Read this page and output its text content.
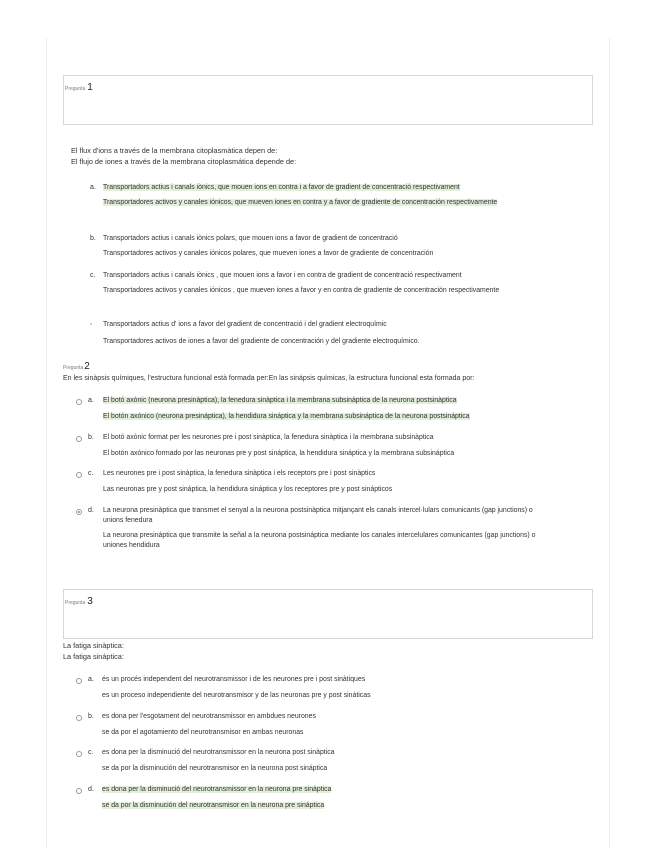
Pregunta 1
El flux d'ions a través de la membrana citoplasmàtica depen de:
El flujo de iones a través de la membrana citoplasmática depende de:
a. Transportadors actius i canals iònics, que mouen ions en contra i a favor de gradient de concentració respectivament
Transportadores activos y canales iónicos, que mueven iones en contra y a favor de gradiente de concentración respectivamente
b. Transportadors actius i canals iònics polars, que mouen ions a favor de gradient de concentració
Transportadores activos y canales iónicos polares, que mueven iones a favor de gradiente de concentración
c. Transportadors actius i canals iònics , que mouen ions a favor i en contra de gradient de concentració respectivament
Transportadores activos y canales iónicos , que mueven iones a favor y en contra de gradiente de concentración respectivamente
, Transportadors actius d' ions a favor del gradient de concentració i del gradient electroquímic
Transportadores activos de iones a favor del gradiente de concentración y del gradiente electroquímico.
Pregunta2
En les sinàpsis químiques, l'estructura funcional està formada per:En las sinápsis químicas, la estructura funcional esta formada por:
a. El botó axònic (neurona presinàptica), la fenedura sinàptica i la membrana subsinàptica de la neurona postsinàptica
El botón axónico (neurona presináptica), la hendidura sináptica y la membrana subsináptica de la neurona postsináptica
b. El botó axònic format per les neurones pre i post sinàptica, la fenedura sinàptica i la membrana subsinàptica
El botón axónico formado por las neuronas pre y post sináptica, la hendidura sináptica y la membrana subsináptica
c. Les neurones pre i post sinàptica, la fenedura sinàptica i els receptors pre i post sinàptics
Las neuronas pre y post sináptica, la hendidura sináptica y los receptores pre y post sinápticos
d. La neurona presinàptica que transmet el senyal a la neurona postsinàptica mitjançant els canals intercel·lulars comunicants (gap junctions) o unions fenedura
La neurona presináptica que transmite la señal a la neurona postsináptica mediante los canales intercelulares comunicantes (gap junctions) o uniones hendidura
Pregunta 3
La fatiga sinàptica:
La fatiga sináptica:
a. és un procés independent del neurotransmissor i de les neurones pre i post sinàtiques
es un proceso independiente del neurotransmisor y de las neuronas pre y post sináticas
b. es dona per l'esgotament del neurotransmissor en ambdues neurones
se da por el agotamiento del neurotransmisor en ambas neuronas
c. es dona per la disminució del neurotransmissor en la neurona post sinàptica
se da por la disminución del neurotransmisor en la neurona post sináptica
d. es dona per la disminució del neurotransmissor en la neurona pre sinàptica
se da por la disminución del neurotransmisor en la neurona pre sináptica
